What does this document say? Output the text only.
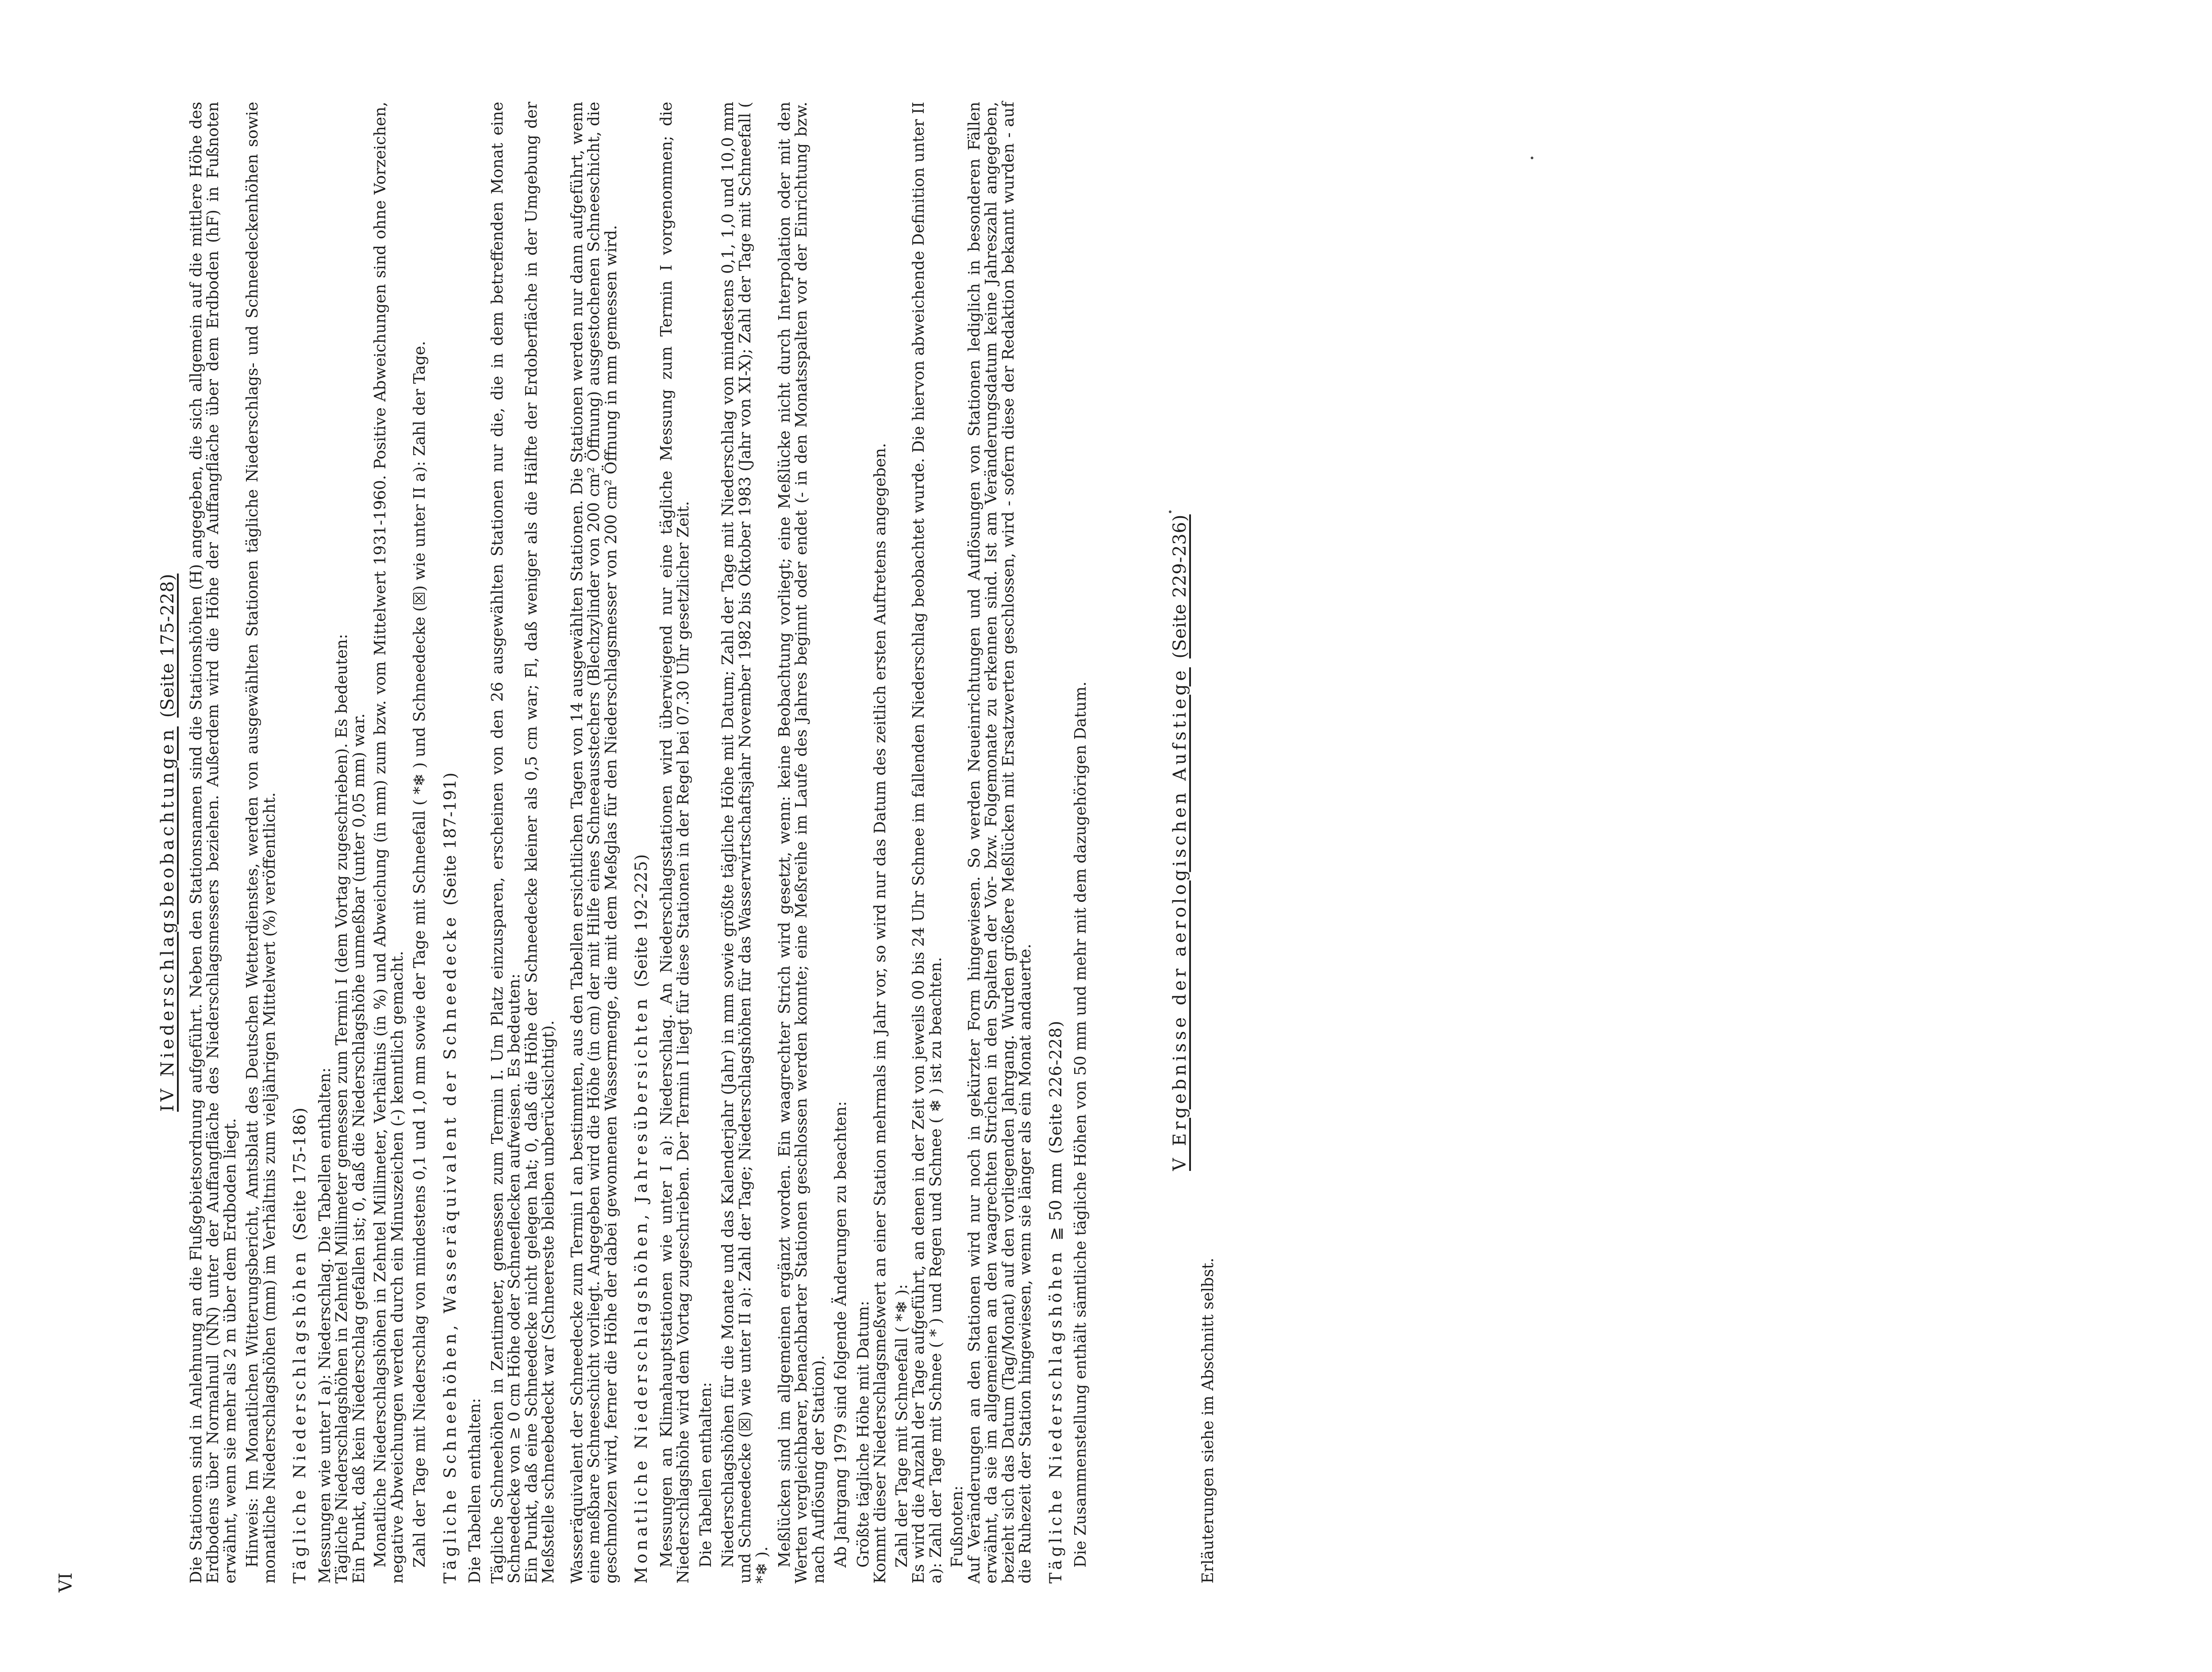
VI
IV Niederschlagsbeobachtungen (Seite 175-228) Die Stationen sind in Anlehnung an die Flußgebietsordnung aufgeführt. Neben den Stationsnamen sind die Stationshöhen (H) angegeben, die sich allgemein auf die mittlere Höhe des Erdbodens über Normalnull (NN) unter der Auffangfläche des Niederschlagsmessers beziehen. Außerdem wird die Höhe der Auffangfläche über dem Erdboden (hF) in Fußnoten erwähnt, wenn sie mehr als 2 m über dem Erdboden liegt. Hinweis: Im Monatlichen Witterungsbericht, Amtsblatt des Deutschen Wetterdienstes, werden von ausgewählten Stationen tägliche Niederschlags- und Schneedeckenhöhen sowie monatliche Niederschlagshöhen (mm) im Verhältnis zum vieljährigen Mittelwert (%) veröffentlicht. Tägliche Niederschlagshöhen (Seite 175-186) Messungen wie unter I a): Niederschlag. Die Tabellen enthalten:
Tägliche Niederschlagshöhen in Zehntel Millimeter gemessen zum Termin I (dem Vortag zugeschrieben). Es bedeuten:
Ein Punkt, daß kein Niederschlag gefallen ist; 0, daß die Niederschlagshöhe unmeßbar (unter 0,05 mm) war. Monatliche Niederschlagshöhen in Zehntel Millimeter, Verhältnis (in %) und Abweichung (in mm) zum bzw. vom Mittelwert 1931-1960. Positive Abweichungen sind ohne Vorzeichen, negative Abweichungen werden durch ein Minuszeichen (-) kenntlich gemacht. Zahl der Tage mit Niederschlag von mindestens 0,1 und 1,0 mm sowie der Tage mit Schneefall ( *❄ ) und Schneedecke (☒) wie unter II a): Zahl der Tage. Tägliche Schneehöhen, Wasseräquivalent der Schneedecke (Seite 187-191)

Die Tabellen enthalten: Tägliche Schneehöhen in Zentimeter, gemessen zum Termin I. Um Platz einzusparen, erscheinen von den 26 ausgewählten Stationen nur die, die in dem betreffenden Monat eine Schneedecke von ≥ 0 cm Höhe oder Schneeflecken aufweisen. Es bedeuten:
Ein Punkt, daß eine Schneedecke nicht gelegen hat; 0, daß die Höhe der Schneedecke kleiner als 0,5 cm war; Fl, daß weniger als die Hälfte der Erdoberfläche in der Umgebung der Meßstelle schneebedeckt war (Schneereste bleiben unberücksichtigt). Wasseräquivalent der Schneedecke zum Termin I an bestimmten, aus den Tabellen ersichtlichen Tagen von 14 ausgewählten Stationen. Die Stationen werden nur dann aufgeführt, wenn eine meßbare Schneeschicht vorliegt. Angegeben wird die Höhe (in cm) der mit Hilfe eines Schneeausstechers (Blechzylinder von 200 cm² Öffnung) ausgestochenen Schneeschicht, die geschmolzen wird, ferner die Höhe der dabei gewonnenen Wassermenge, die mit dem Meßglas für den Niederschlagsmesser von 200 cm² Öffnung in mm gemessen wird. Monatliche Niederschlagshöhen, Jahresübersichten (Seite 192-225) Messungen an Klimahauptstationen wie unter I a): Niederschlag. An Niederschlagsstationen wird überwiegend nur eine tägliche Messung zum Termin I vorgenommen; die Niederschlagshöhe wird dem Vortag zugeschrieben. Der Termin I liegt für diese Stationen in der Regel bei 07.30 Uhr gesetzlicher Zeit. Die Tabellen enthalten: Niederschlagshöhen für die Monate und das Kalenderjahr (Jahr) in mm sowie größte tägliche Höhe mit Datum; Zahl der Tage mit Niederschlag von mindestens 0,1, 1,0 und 10,0 mm und Schneedecke (☒) wie unter II a): Zahl der Tage; Niederschlagshöhen für das Wasserwirtschaftsjahr November 1982 bis Oktober 1983 (Jahr von XI-X); Zahl der Tage mit Schneefall ( *❄ ). Meßlücken sind im allgemeinen ergänzt worden. Ein waagrechter Strich wird gesetzt, wenn: keine Beobachtung vorliegt; eine Meßlücke nicht durch Interpolation oder mit den Werten vergleichbarer, benachbarter Stationen geschlossen werden konnte; eine Meßreihe im Laufe des Jahres beginnt oder endet (- in den Monatsspalten vor der Einrichtung bzw. nach Auflösung der Station). Ab Jahrgang 1979 sind folgende Änderungen zu beachten: Größte tägliche Höhe mit Datum:
Kommt dieser Niederschlagsmeßwert an einer Station mehrmals im Jahr vor, so wird nur das Datum des zeitlich ersten Auftretens angegeben. Zahl der Tage mit Schneefall ( *❄ ):
Es wird die Anzahl der Tage aufgeführt, an denen in der Zeit von jeweils 00 bis 24 Uhr Schnee im fallenden Niederschlag beobachtet wurde. Die hiervon abweichende Definition unter II a): Zahl der Tage mit Schnee ( * ) und Regen und Schnee ( ❄ ) ist zu beachten. Fußnoten:
Auf Veränderungen an den Stationen wird nur noch in gekürzter Form hingewiesen. So werden Neueinrichtungen und Auflösungen von Stationen lediglich in besonderen Fällen erwähnt, da sie im allgemeinen an den waagrechten Strichen in den Spalten der Vor- bzw. Folgemonate zu erkennen sind. Ist am Veränderungsdatum keine Jahreszahl angegeben, bezieht sich das Datum (Tag/Monat) auf den vorliegenden Jahrgang. Wurden größere Meßlücken mit Ersatzwerten geschlossen, wird - sofern diese der Redaktion bekannt wurden - auf die Ruhezeit der Station hingewiesen, wenn sie länger als ein Monat andauerte. Tägliche Niederschlagshöhen ≧ 50 mm (Seite 226-228) Die Zusammenstellung enthält sämtliche tägliche Höhen von 50 mm und mehr mit dem dazugehörigen Datum.	V Ergebnisse der aerologischen Aufstiege (Seite 229-236)

Erläuterungen siehe im Abschnitt selbst.
